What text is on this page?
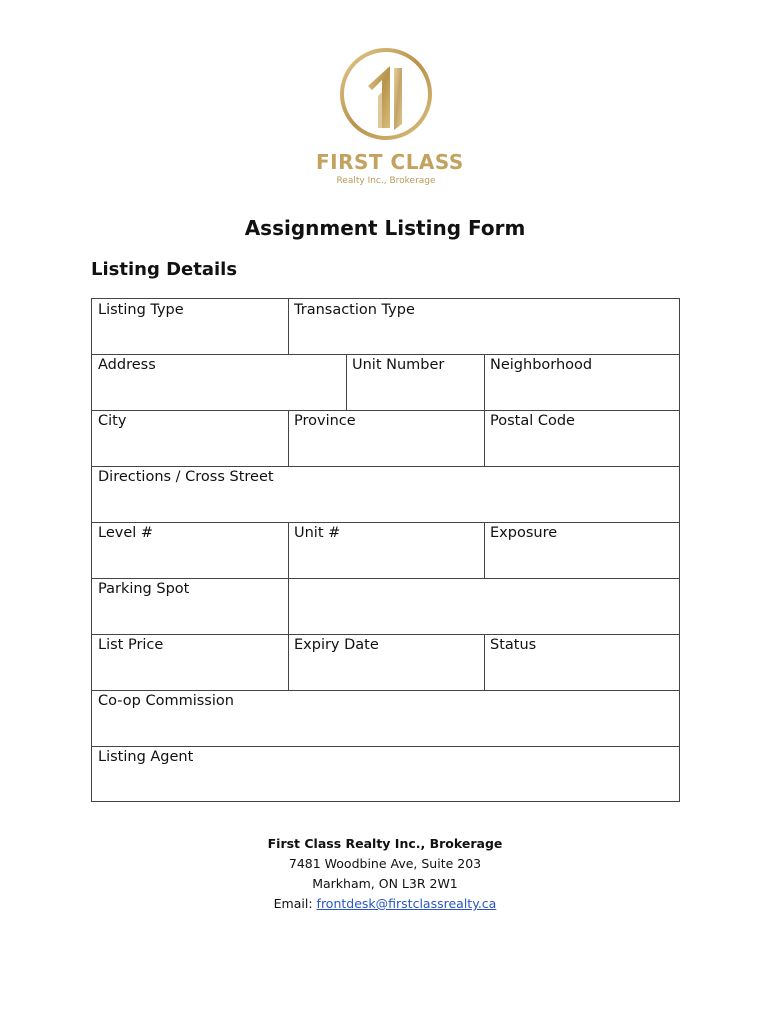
FIRST CLASS
Realty Inc., Brokerage
Assignment Listing Form
Listing Details
Listing Type	Transaction Type
Address	Unit Number	Neighborhood
City	Province	Postal Code
Directions / Cross Street
Level #	Unit #	Exposure
Parking Spot
List Price	Expiry Date	Status
Co-op Commission
Listing Agent
First Class Realty Inc., Brokerage
7481 Woodbine Ave, Suite 203
Markham, ON L3R 2W1
Email: frontdesk@firstclassrealty.ca
